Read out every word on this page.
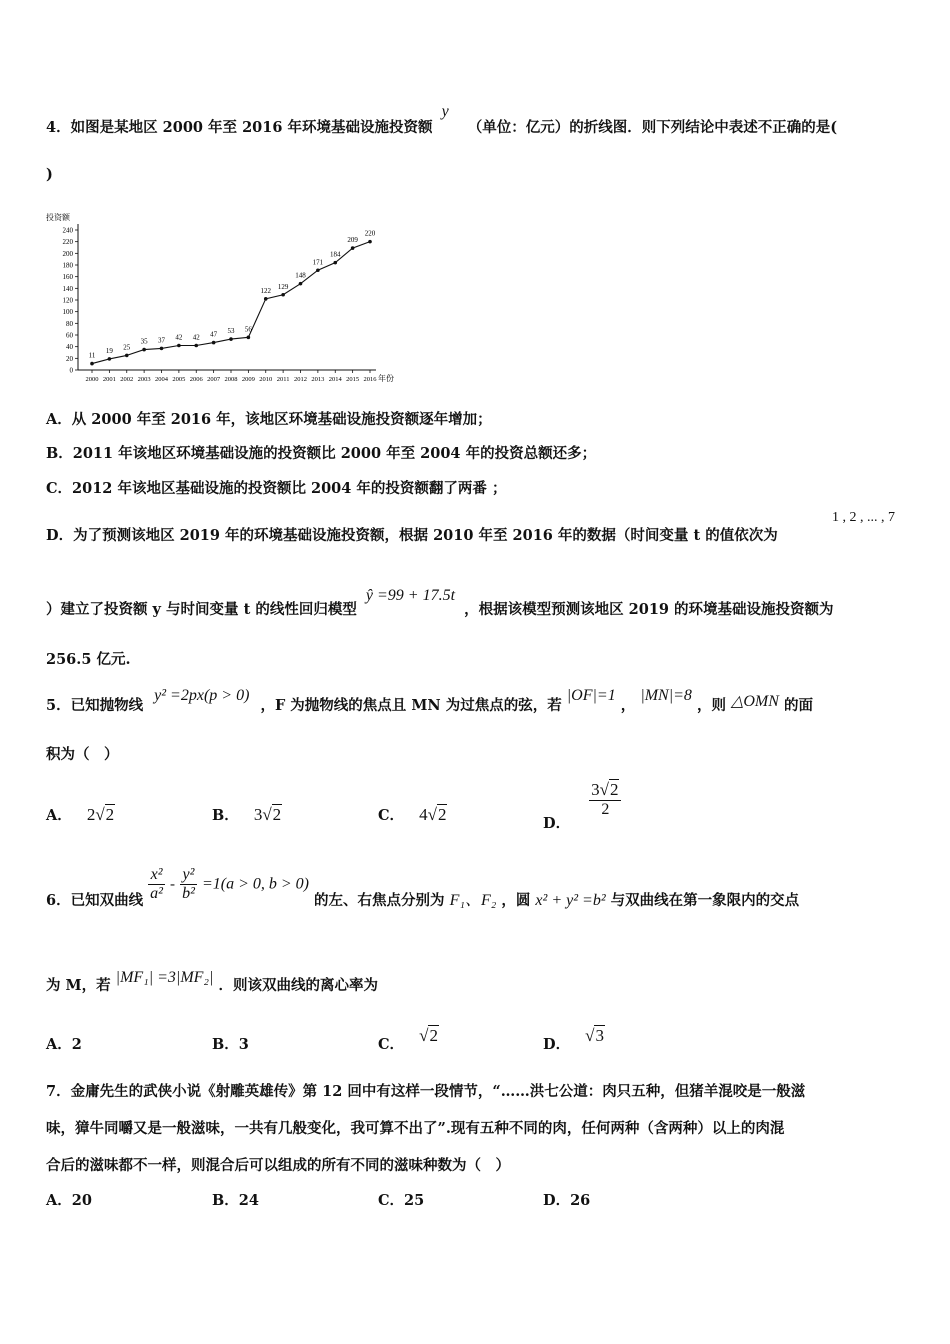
4．如图是某地区 2000 年至 2016 年环境基础设施投资额 y （单位：亿元）的折线图．则下列结论中表述不正确的是(
)
投资额
年份
0
20
40
60
80
100
120
140
160
180
200
220
240
2000 2001 2002 2003 2004 2005 2006 2007 2008 2009 2010 2011 2012 2013 2014 2015 2016
11
19 25
35 37 42 42 47 53 56
122
129
148
171
184
209
220
A．从 2000 年至 2016 年，该地区环境基础设施投资额逐年增加；
B．2011 年该地区环境基础设施的投资额比 2000 年至 2004 年的投资总额还多；
C．2012 年该地区基础设施的投资额比 2004 年的投资额翻了两番 ；
D．为了预测该地区 2019 年的环境基础设施投资额，根据 2010 年至 2016 年的数据（时间变量 t 的值依次为
1 , 2 , ... , 7
）建立了投资额 y 与时间变量 t 的线性回归模型 ŷ =99 + 17.5t ，根据该模型预测该地区 2019 的环境基础设施投资额为
256.5 亿元.
5．已知抛物线 y² =2px(p > 0) ，F 为抛物线的焦点且 MN 为过焦点的弦，若 |OF|=1 ， |MN|=8 ，则 △OMN 的面
积为（　）
A． 2√2	B． 3√2	C． 4√2	D．
$\frac{3√2}{2}$
6．已知双曲线 $\frac{\text{x²}}{\text{a²}} - \frac{\text{y²}}{\text{b²}} =1(a > 0$, b > 0) 的左、右焦点分别为 F₁、F₂ ，圆 x² + y² =b² 与双曲线在第一象限内的交点
为 M，若 |MF₁| =3|MF₂| ．则该双曲线的离心率为
A．2	B．3	C． √2	D． √3
7．金庸先生的武侠小说《射雕英雄传》第 12 回中有这样一段情节，“……洪七公道：肉只五种，但猪羊混咬是一般滋
味，獐牛同嚼又是一般滋味，一共有几般变化，我可算不出了”.现有五种不同的肉，任何两种（含两种）以上的肉混
合后的滋味都不一样，则混合后可以组成的所有不同的滋味种数为（　）
A．20	B．24	C．25	D．26
